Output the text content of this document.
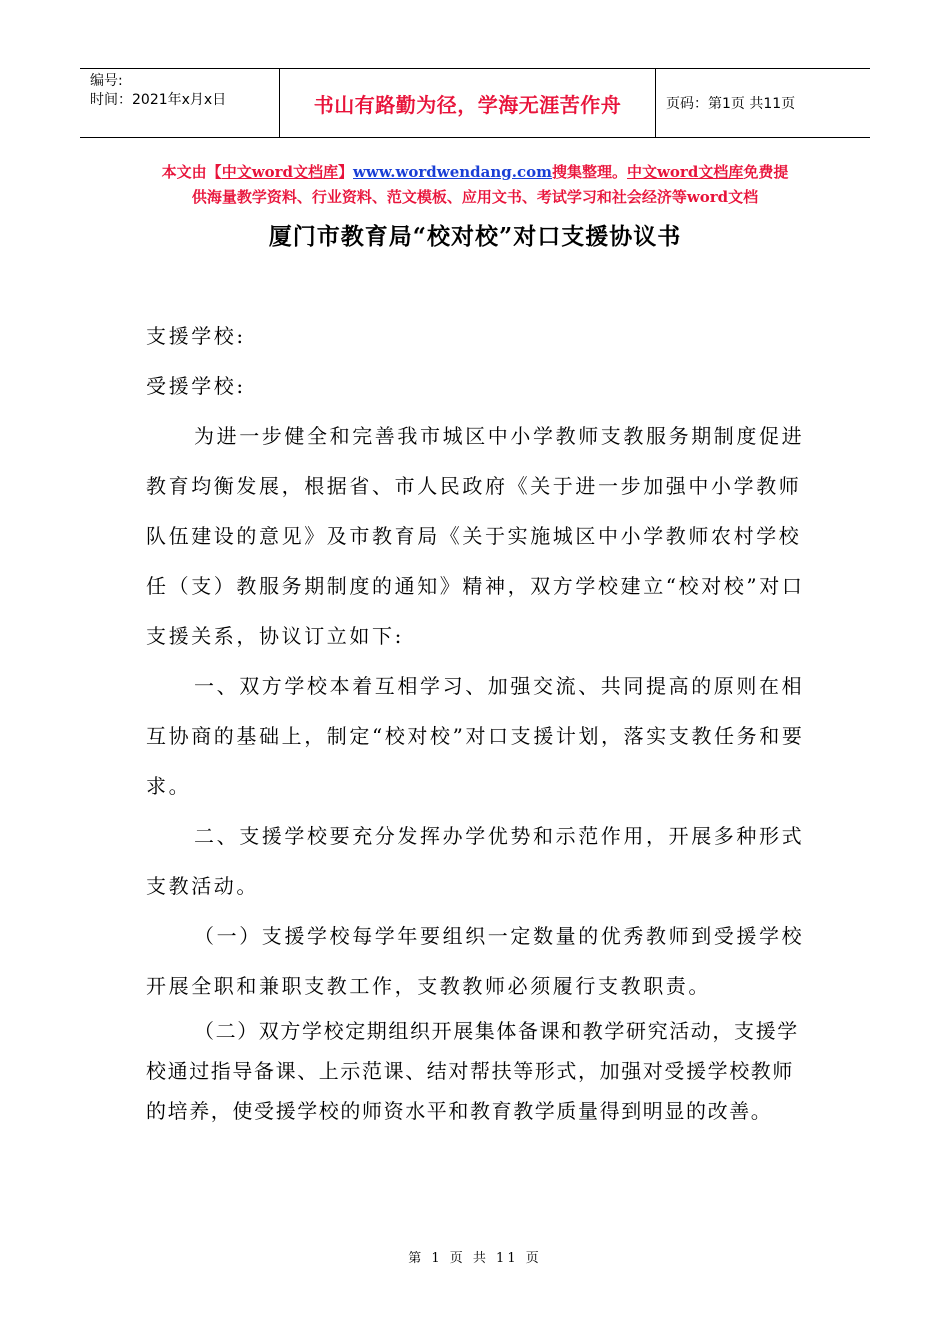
编号:
时间：2021年x月x日	书山有路勤为径，学海无涯苦作舟	页码：第1页 共11页
本文由【中文word文档库】www.wordwendang.com搜集整理。中文word文档库免费提
供海量教学资料、行业资料、范文模板、应用文书、考试学习和社会经济等word文档
厦门市教育局“校对校”对口支援协议书

支援学校:

受援学校:

为进一步健全和完善我市城区中小学教师支教服务期制度促进教育均衡发展，根据省、市人民政府《关于进一步加强中小学教师队伍建设的意见》及市教育局《关于实施城区中小学教师农村学校任（支）教服务期制度的通知》精神，双方学校建立“校对校”对口支援关系，协议订立如下:

一、双方学校本着互相学习、加强交流、共同提高的原则在相互协商的基础上，制定“校对校”对口支援计划，落实支教任务和要求。

二、支援学校要充分发挥办学优势和示范作用，开展多种形式支教活动。

（一）支援学校每学年要组织一定数量的优秀教师到受援学校开展全职和兼职支教工作，支教教师必须履行支教职责。

（二）双方学校定期组织开展集体备课和教学研究活动，支援学校通过指导备课、上示范课、结对帮扶等形式，加强对受援学校教师的培养，使受援学校的师资水平和教育教学质量得到明显的改善。

第 1 页 共 11 页
